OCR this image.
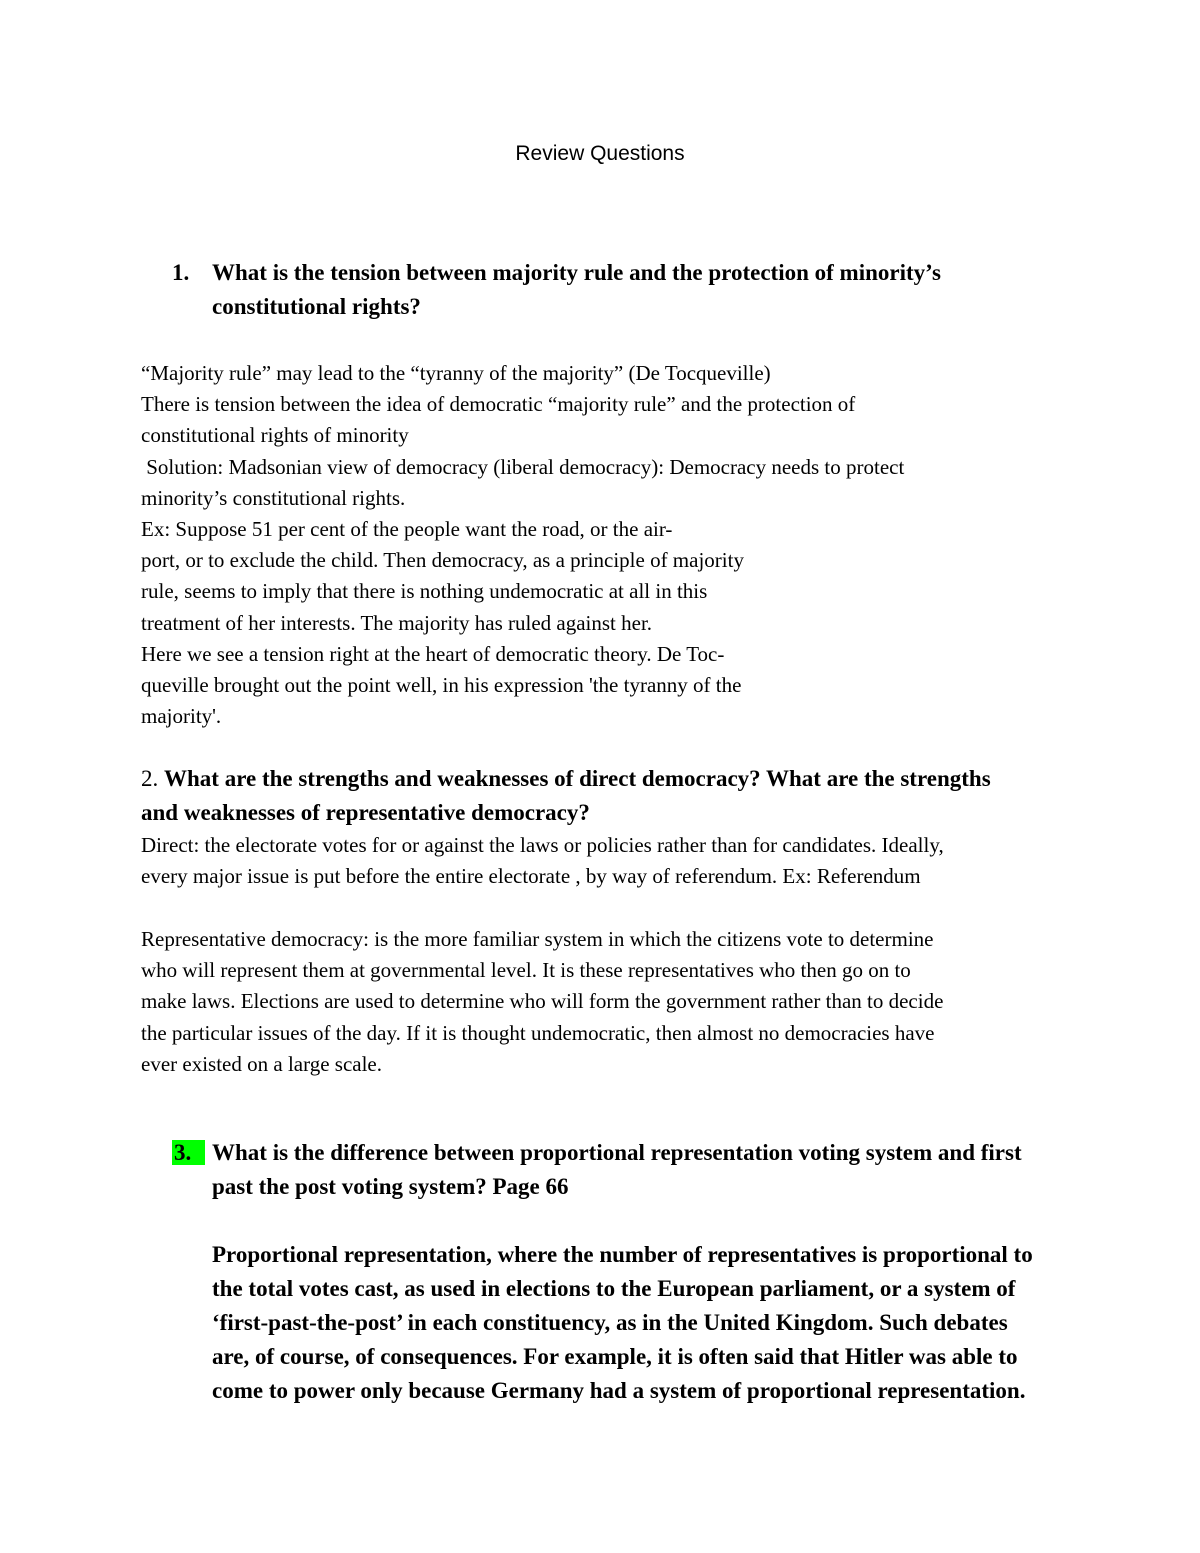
Review Questions
1. What is the tension between majority rule and the protection of minority’s constitutional rights?
“Majority rule” may lead to the “tyranny of the majority” (De Tocqueville)
There is tension between the idea of democratic “majority rule” and the protection of
constitutional rights of minority
Solution: Madsonian view of democracy (liberal democracy): Democracy needs to protect
minority’s constitutional rights.
Ex: Suppose 51 per cent of the people want the road, or the air-
port, or to exclude the child. Then democracy, as a principle of majority
rule, seems to imply that there is nothing undemocratic at all in this
treatment of her interests. The majority has ruled against her.
Here we see a tension right at the heart of democratic theory. De Toc-
queville brought out the point well, in his expression 'the tyranny of the
majority'.
2. What are the strengths and weaknesses of direct democracy? What are the strengths
and weaknesses of representative democracy?
Direct: the electorate votes for or against the laws or policies rather than for candidates. Ideally,
every major issue is put before the entire electorate , by way of referendum. Ex: Referendum
Representative democracy: is the more familiar system in which the citizens vote to determine
who will represent them at governmental level. It is these representatives who then go on to
make laws. Elections are used to determine who will form the government rather than to decide
the particular issues of the day. If it is thought undemocratic, then almost no democracies have
ever existed on a large scale.
3. What is the difference between proportional representation voting system and first
past the post voting system? Page 66
Proportional representation, where the number of representatives is proportional to
the total votes cast, as used in elections to the European parliament, or a system of
‘first-past-the-post’ in each constituency, as in the United Kingdom. Such debates
are, of course, of consequences. For example, it is often said that Hitler was able to
come to power only because Germany had a system of proportional representation.
